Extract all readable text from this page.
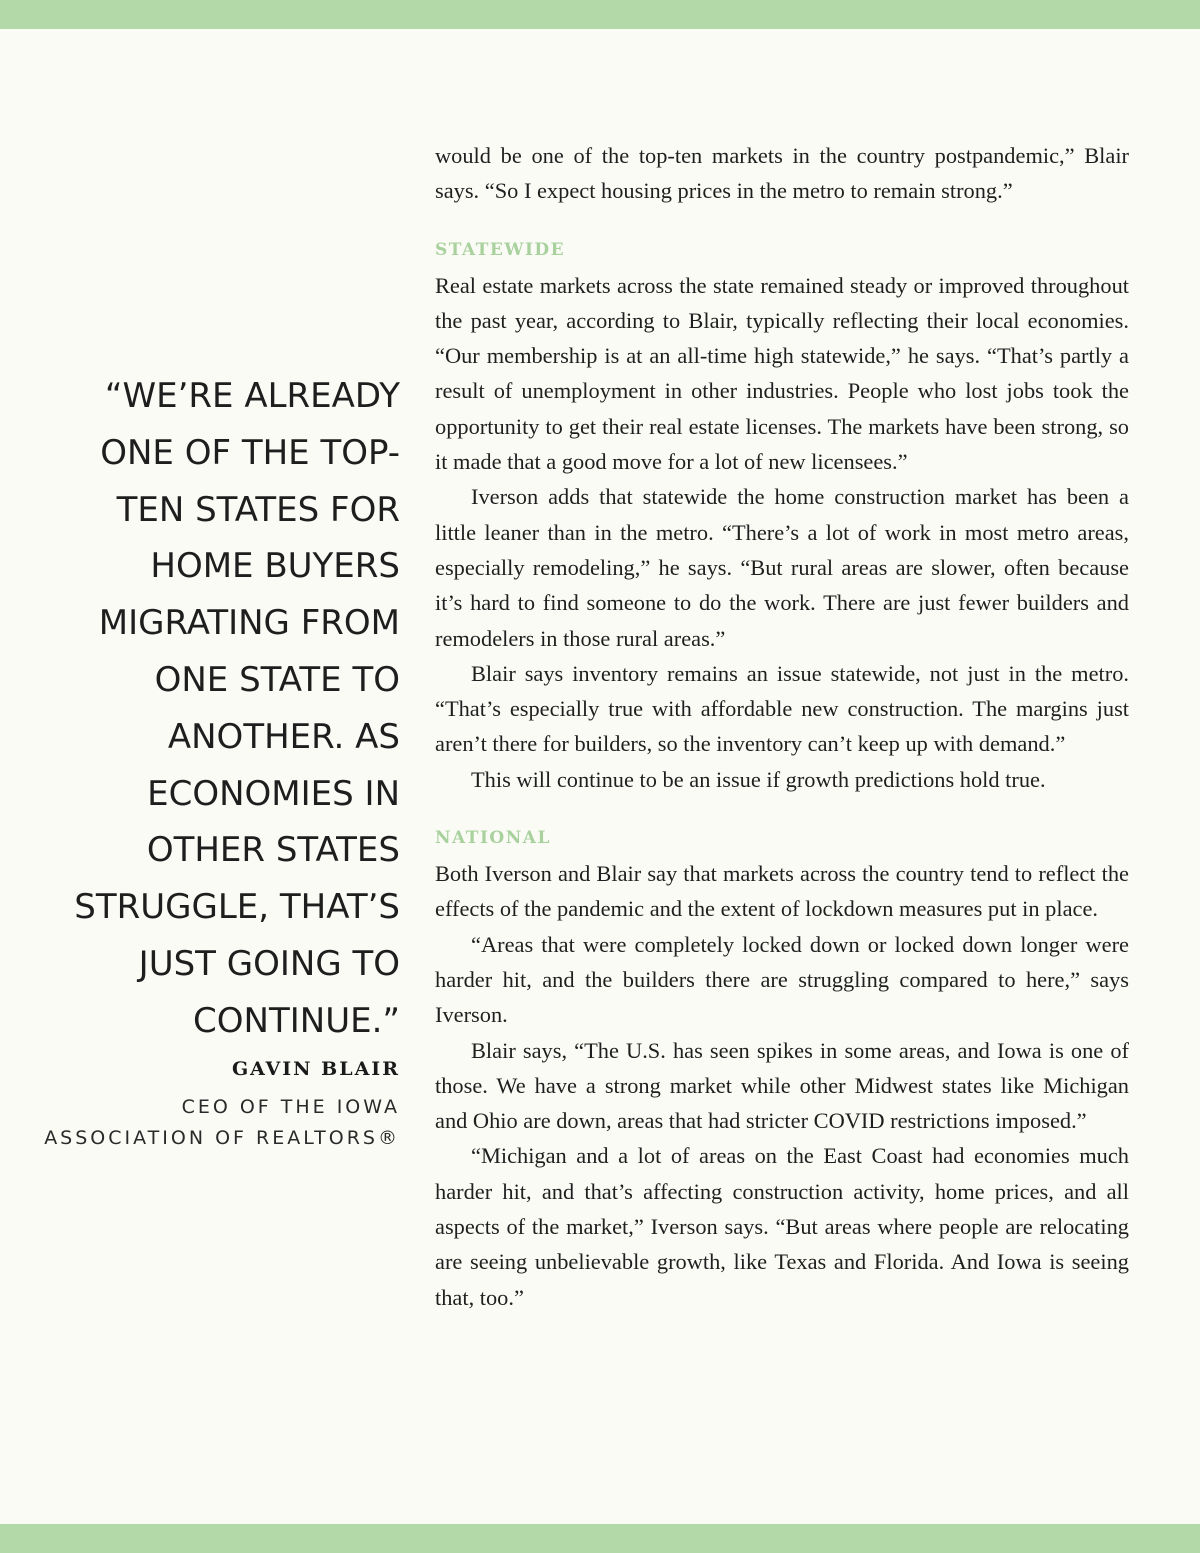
“WE’RE ALREADY ONE OF THE TOP-TEN STATES FOR HOME BUYERS MIGRATING FROM ONE STATE TO ANOTHER. AS ECONOMIES IN OTHER STATES STRUGGLE, THAT’S JUST GOING TO CONTINUE.”

GAVIN BLAIR

CEO OF THE IOWA ASSOCIATION OF REALTORS®

would be one of the top-ten markets in the country postpandemic,” Blair says. “So I expect housing prices in the metro to remain strong.”

STATEWIDE

Real estate markets across the state remained steady or improved throughout the past year, according to Blair, typically reflecting their local economies. “Our membership is at an all-time high statewide,” he says. “That’s partly a result of unemployment in other industries. People who lost jobs took the opportunity to get their real estate licenses. The markets have been strong, so it made that a good move for a lot of new licensees.”

Iverson adds that statewide the home construction market has been a little leaner than in the metro. “There’s a lot of work in most metro areas, especially remodeling,” he says. “But rural areas are slower, often because it’s hard to find someone to do the work. There are just fewer builders and remodelers in those rural areas.”

Blair says inventory remains an issue statewide, not just in the metro. “That’s especially true with affordable new construction. The margins just aren’t there for builders, so the inventory can’t keep up with demand.”

This will continue to be an issue if growth predictions hold true.

NATIONAL

Both Iverson and Blair say that markets across the country tend to reflect the effects of the pandemic and the extent of lockdown measures put in place.

“Areas that were completely locked down or locked down longer were harder hit, and the builders there are struggling compared to here,” says Iverson.

Blair says, “The U.S. has seen spikes in some areas, and Iowa is one of those. We have a strong market while other Midwest states like Michigan and Ohio are down, areas that had stricter COVID restrictions imposed.”

“Michigan and a lot of areas on the East Coast had economies much harder hit, and that’s affecting construction activity, home prices, and all aspects of the market,” Iverson says. “But areas where people are relocating are seeing unbelievable growth, like Texas and Florida. And Iowa is seeing that, too.”
